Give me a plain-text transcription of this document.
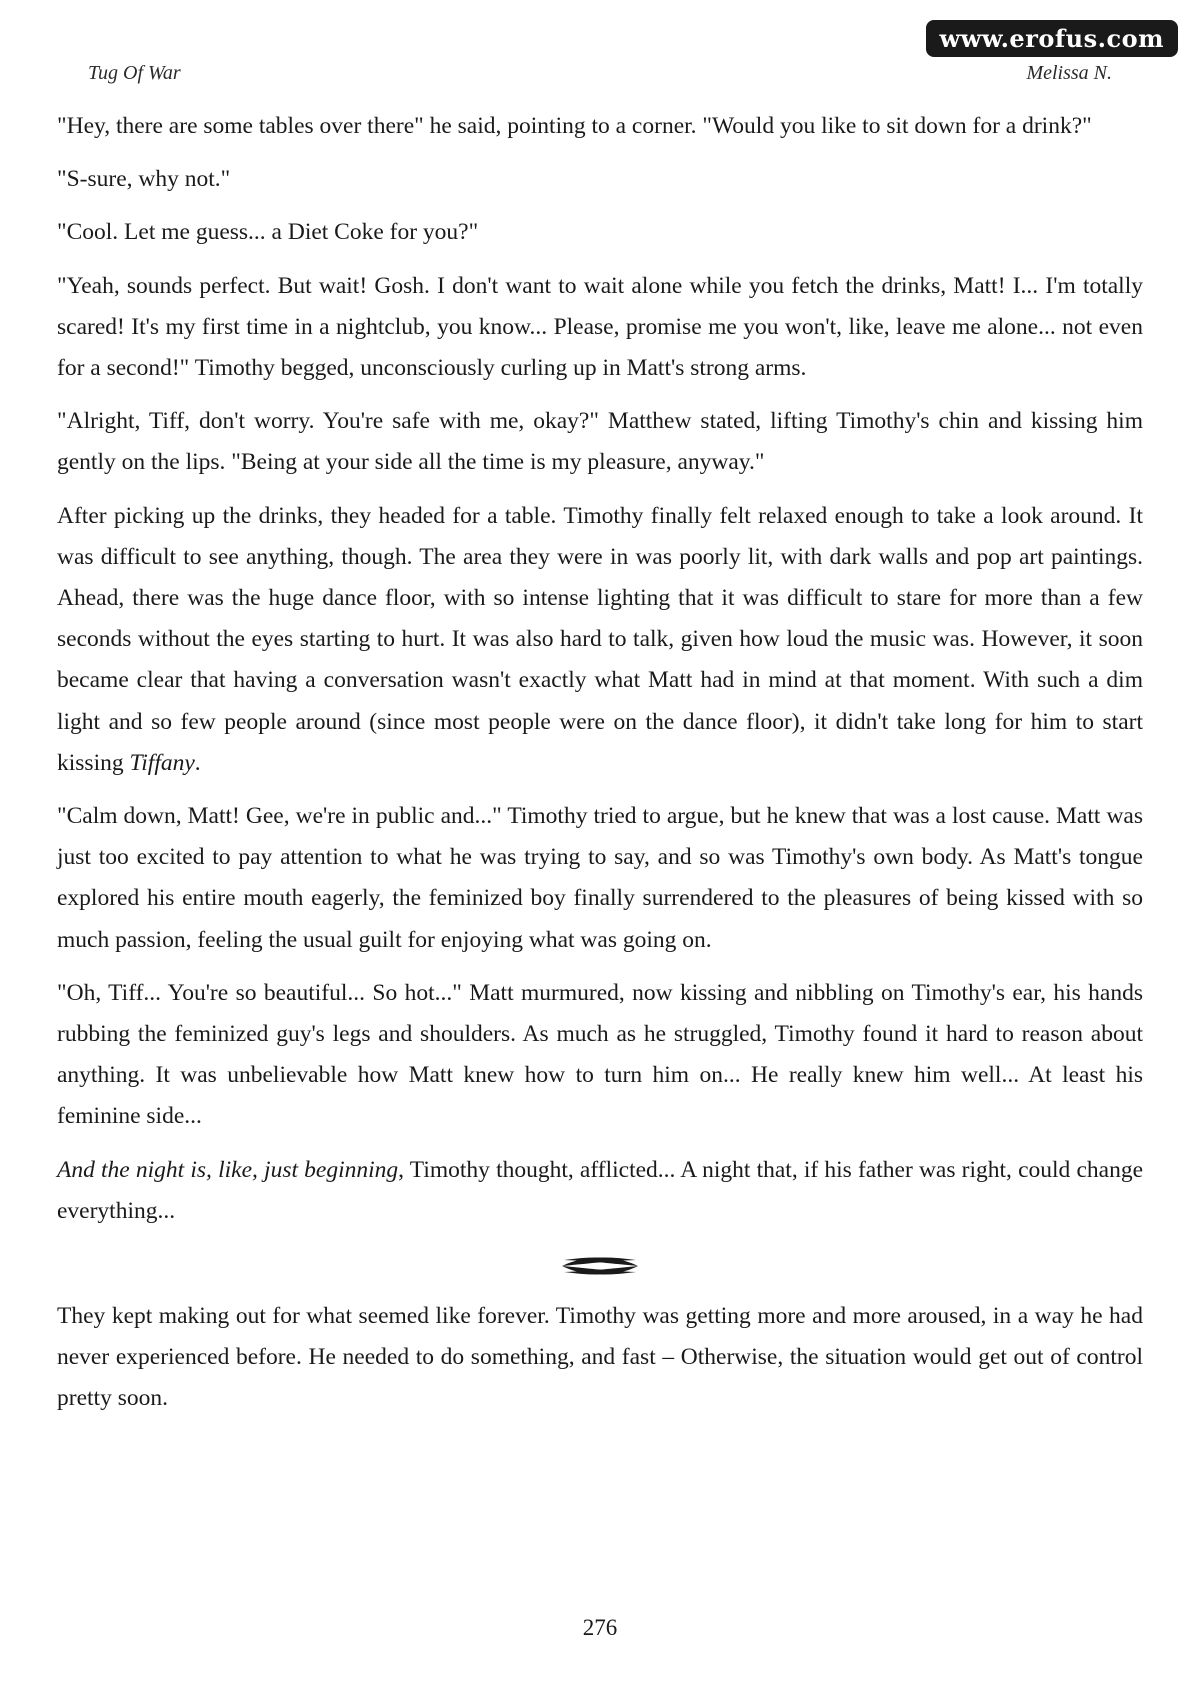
www.erofus.com
Tug Of War	Melissa N.

"Hey, there are some tables over there" he said, pointing to a corner. "Would you like to sit down for a drink?"

"S-sure, why not."

"Cool. Let me guess... a Diet Coke for you?"

"Yeah, sounds perfect. But wait! Gosh. I don't want to wait alone while you fetch the drinks, Matt! I... I'm totally scared! It's my first time in a nightclub, you know... Please, promise me you won't, like, leave me alone... not even for a second!" Timothy begged, unconsciously curling up in Matt's strong arms.

"Alright, Tiff, don't worry. You're safe with me, okay?" Matthew stated, lifting Timothy's chin and kissing him gently on the lips. "Being at your side all the time is my pleasure, anyway."

After picking up the drinks, they headed for a table. Timothy finally felt relaxed enough to take a look around. It was difficult to see anything, though. The area they were in was poorly lit, with dark walls and pop art paintings. Ahead, there was the huge dance floor, with so intense lighting that it was difficult to stare for more than a few seconds without the eyes starting to hurt. It was also hard to talk, given how loud the music was. However, it soon became clear that having a conversation wasn't exactly what Matt had in mind at that moment. With such a dim light and so few people around (since most people were on the dance floor), it didn't take long for him to start kissing Tiffany.

"Calm down, Matt! Gee, we're in public and..." Timothy tried to argue, but he knew that was a lost cause. Matt was just too excited to pay attention to what he was trying to say, and so was Timothy's own body. As Matt's tongue explored his entire mouth eagerly, the feminized boy finally surrendered to the pleasures of being kissed with so much passion, feeling the usual guilt for enjoying what was going on.

"Oh, Tiff... You're so beautiful... So hot..." Matt murmured, now kissing and nibbling on Timothy's ear, his hands rubbing the feminized guy's legs and shoulders. As much as he struggled, Timothy found it hard to reason about anything. It was unbelievable how Matt knew how to turn him on... He really knew him well... At least his feminine side...

And the night is, like, just beginning, Timothy thought, afflicted... A night that, if his father was right, could change everything...

They kept making out for what seemed like forever. Timothy was getting more and more aroused, in a way he had never experienced before. He needed to do something, and fast – Otherwise, the situation would get out of control pretty soon.

276
